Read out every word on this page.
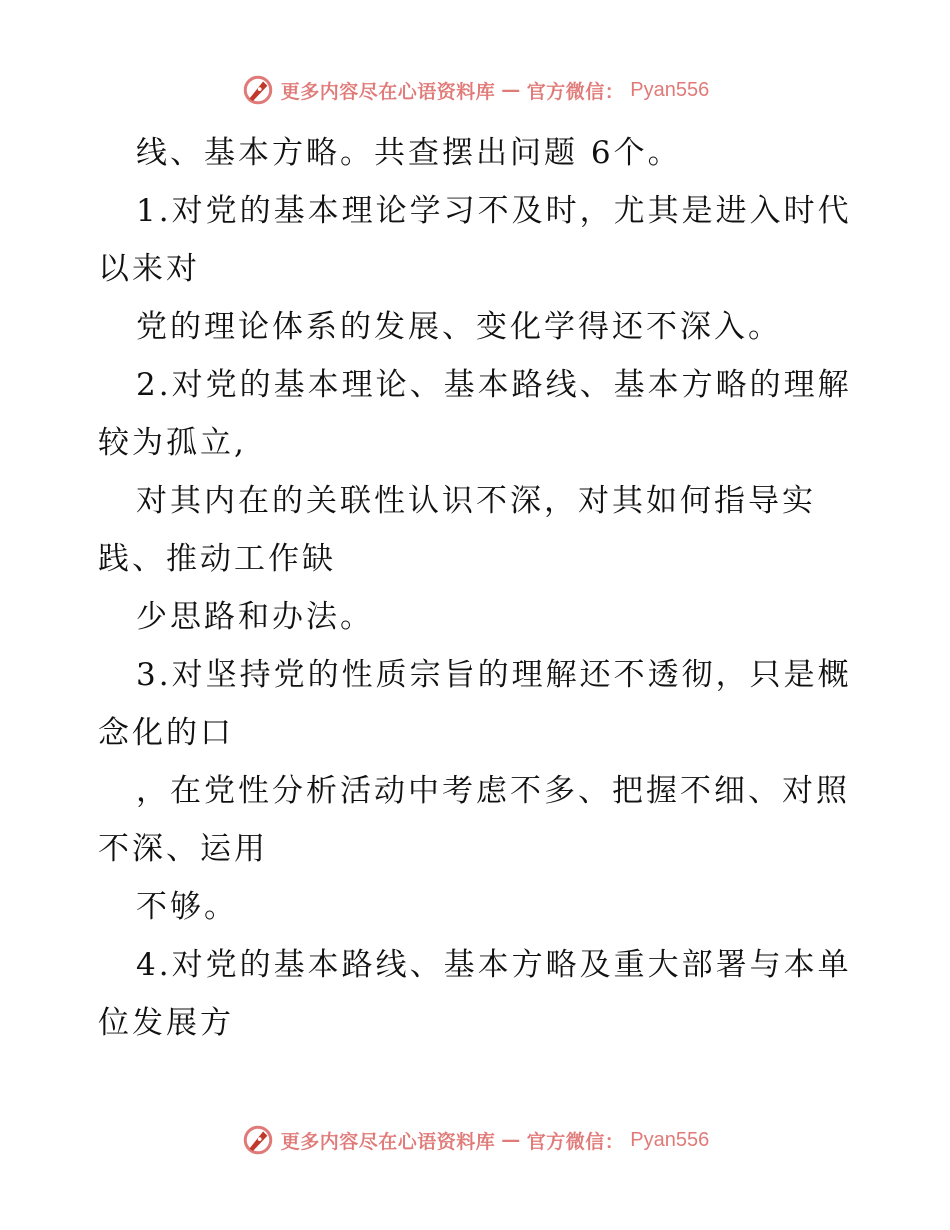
更多内容尽在心语资料库 — 官方微信： Pyan556
线、基本方略。共查摆出问题 6个。
1.对党的基本理论学习不及时，尤其是进入时代
以来对
党的理论体系的发展、变化学得还不深入。
2.对党的基本理论、基本路线、基本方略的理解
较为孤立,
对其内在的关联性认识不深，对其如何指导实
践、推动工作缺
少思路和办法。
3.对坚持党的性质宗旨的理解还不透彻，只是概
念化的口
，在党性分析活动中考虑不多、把握不细、对照
不深、运用
不够。
4.对党的基本路线、基本方略及重大部署与本单
位发展方
更多内容尽在心语资料库 — 官方微信： Pyan556
